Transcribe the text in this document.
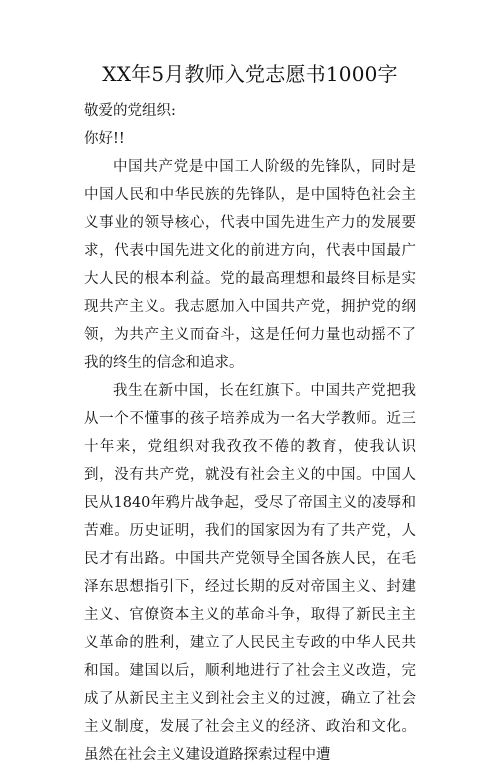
XX年5月教师入党志愿书1000字

敬爱的党组织:

你好!!

中国共产党是中国工人阶级的先锋队，同时是中国人民和中华民族的先锋队，是中国特色社会主义事业的领导核心，代表中国先进生产力的发展要求，代表中国先进文化的前进方向，代表中国最广大人民的根本利益。党的最高理想和最终目标是实现共产主义。我志愿加入中国共产党，拥护党的纲领，为共产主义而奋斗，这是任何力量也动摇不了我的终生的信念和追求。

我生在新中国，长在红旗下。中国共产党把我从一个不懂事的孩子培养成为一名大学教师。近三十年来，党组织对我孜孜不倦的教育，使我认识到，没有共产党，就没有社会主义的中国。中国人民从1840年鸦片战争起，受尽了帝国主义的凌辱和苦难。历史证明，我们的国家因为有了共产党，人民才有出路。中国共产党领导全国各族人民，在毛泽东思想指引下，经过长期的反对帝国主义、封建主义、官僚资本主义的革命斗争，取得了新民主主义革命的胜利，建立了人民民主专政的中华人民共和国。建国以后，顺利地进行了社会主义改造，完成了从新民主主义到社会主义的过渡，确立了社会主义制度，发展了社会主义的经济、政治和文化。虽然在社会主义建设道路探索过程中遭
